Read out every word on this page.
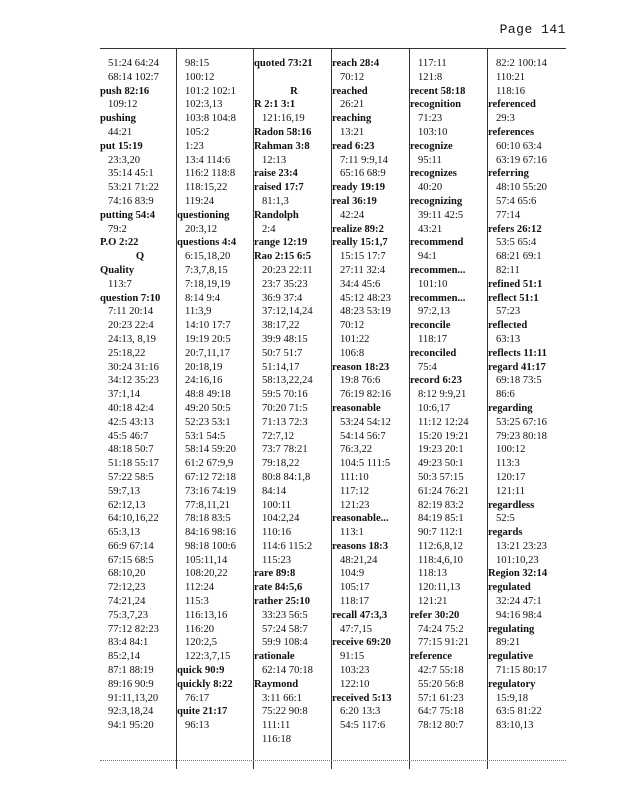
Page 141
51:24 64:24
68:14 102:7
push 82:16
109:12
pushing
44:21
put 15:19
23:3,20
35:14 45:1
53:21 71:22
74:16 83:9
putting 54:4
79:2
P.O 2:22
Q
Quality
113:7
question 7:10
7:11 20:14
20:23 22:4
24:13, 8,19
25:18,22
30:24 31:16
34:12 35:23
37:1,14
40:18 42:4
42:5 43:13
45:5 46:7
48:18 50:7
51:18 55:17
57:22 58:5
59:7,13
62:12,13
64:10,16,22
65:3,13
66:9 67:14
67:15 68:5
68:10,20
72:12,23
74:21,24
75:3,7,23
77:12 82:23
83:4 84:1
85:2,14
87:1 88:19
89:16 90:9
91:11,13,20
92:3,18,24
94:1 95:20
98:15
100:12
101:2 102:1
102:3,13
103:8 104:8
105:2
1:23
13:4 114:6
116:2 118:8
118:15,22
119:24
questioning
20:3,12
questions 4:4
6:15,18,20
7:3,7,8,15
7:18,19,19
8:14 9:4
11:3,9
14:10 17:7
19:19 20:5
20:7,11,17
20:18,19
24:16,16
48:8 49:18
49:20 50:5
52:23 53:1
53:1 54:5
58:14 59:20
61:2 67:9,9
67:12 72:18
73:16 74:19
77:8,11,21
78:18 83:5
84:16 98:16
98:18 100:6
105:11,14
108:20,22
112:24
115:3
116:13,16
116:20
120:2,5
122:3,7,15
quick 90:9
quickly 8:22
76:17
quite 21:17
96:13
quoted 73:21
R
R 2:1 3:1
121:16,19
Radon 58:16
Rahman 3:8
12:13
raise 23:4
raised 17:7
81:1,3
Randolph
2:4
range 12:19
Rao 2:15 6:5
20:23 22:11
23:7 35:23
36:9 37:4
37:12,14,24
38:17,22
39:9 48:15
50:7 51:7
51:14,17
58:13,22,24
59:5 70:16
70:20 71:5
71:13 72:3
72:7,12
73:7 78:21
79:18,22
80:8 84:1,8
84:14
100:11
104:2,24
110:16
114:6 115:2
115:23
rare 89:8
rate 84:5,6
rather 25:10
33:23 56:5
57:24 58:7
59:9 108:4
rationale
62:14 70:18
Raymond
3:11 66:1
75:22 90:8
111:11
116:18
reach 28:4
70:12
reached
26:21
reaching
13:21
read 6:23
7:11 9:9,14
65:16 68:9
ready 19:19
real 36:19
42:24
realize 89:2
really 15:1,7
15:15 17:7
27:11 32:4
34:4 45:6
45:12 48:23
48:23 53:19
70:12
101:22
106:8
reason 18:23
19:8 76:6
76:19 82:16
reasonable
53:24 54:12
54:14 56:7
76:3,22
104:5 111:5
111:10
117:12
121:23
reasonable...
113:1
reasons 18:3
48:21,24
104:9
105:17
118:17
recall 47:3,3
47:7,15
receive 69:20
91:15
103:23
122:10
received 5:13
6:20 13:3
54:5 117:6
117:11
121:8
recent 58:18
recognition
71:23
103:10
recognize
95:11
recognizes
40:20
recognizing
39:11 42:5
43:21
recommend
94:1
recommen...
101:10
recommen...
97:2,13
reconcile
118:17
reconciled
75:4
record 6:23
8:12 9:9,21
10:6,17
11:12 12:24
15:20 19:21
19:23 20:1
49:23 50:1
50:3 57:15
61:24 76:21
82:19 83:2
84:19 85:1
90:7 112:1
112:6,8,12
118:4,6,10
118:13
120:11,13
121:21
refer 30:20
74:24 75:2
77:15 91:21
reference
42:7 55:18
55:20 56:8
57:1 61:23
64:7 75:18
78:12 80:7
82:2 100:14
110:21
118:16
referenced
29:3
references
60:10 63:4
63:19 67:16
referring
48:10 55:20
57:4 65:6
77:14
refers 26:12
53:5 65:4
68:21 69:1
82:11
refined 51:1
reflect 51:1
57:23
reflected
63:13
reflects 11:11
regard 41:17
69:18 73:5
86:6
regarding
53:25 67:16
79:23 80:18
100:12
113:3
120:17
121:11
regardless
52:5
regards
13:21 23:23
101:10,23
Region 32:14
regulated
32:24 47:1
94:16 98:4
regulating
89:21
regulative
71:15 80:17
regulatory
15:9,18
63:5 81:22
83:10,13
